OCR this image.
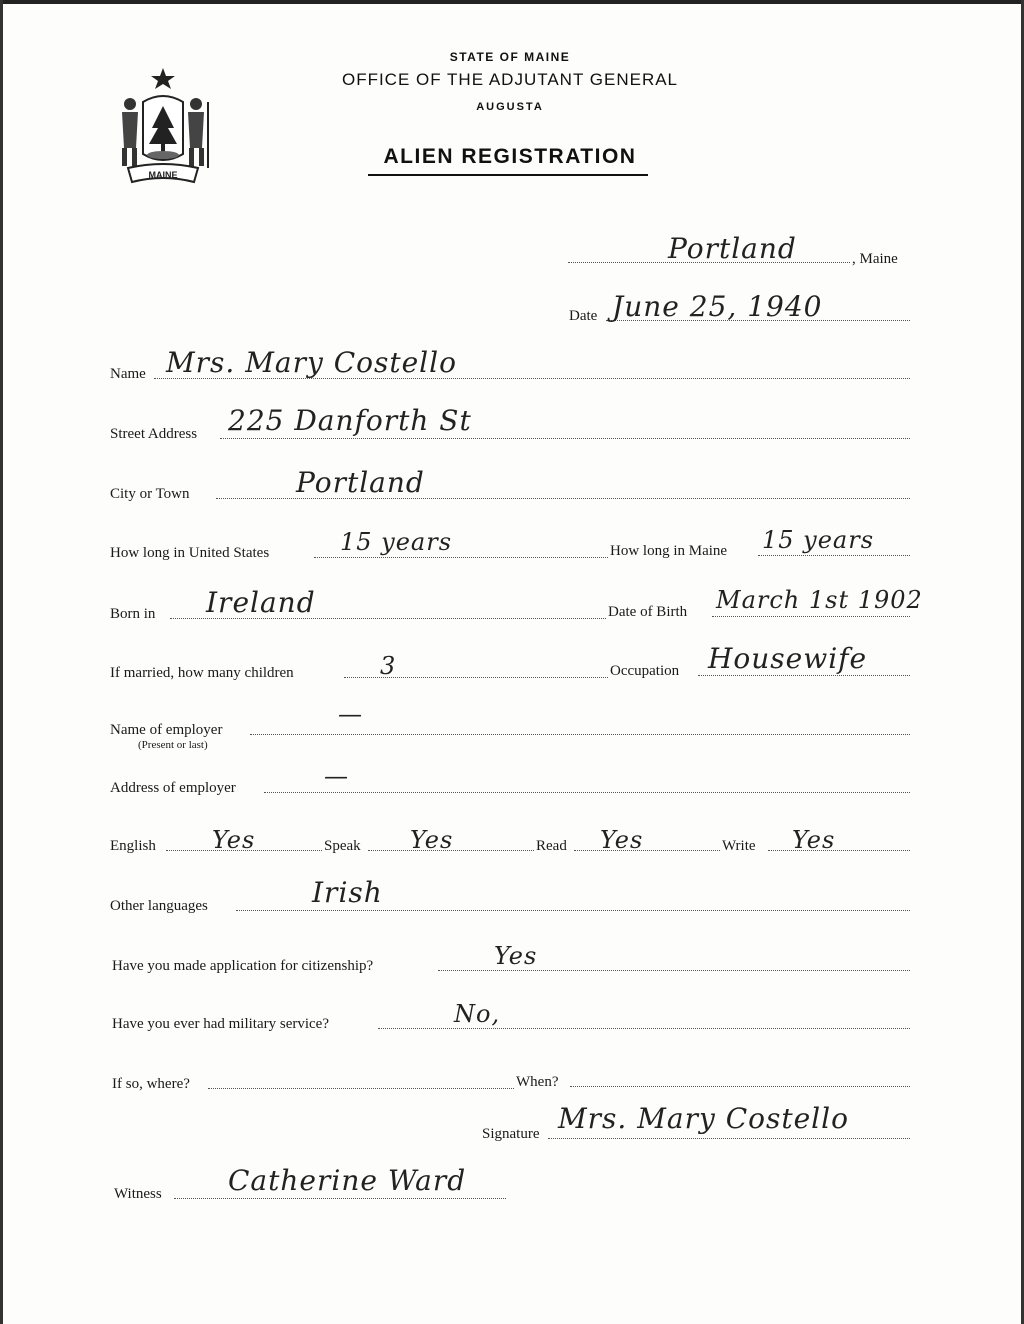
MAINE
STATE OF MAINE
OFFICE OF THE ADJUTANT GENERAL
AUGUSTA
ALIEN REGISTRATION
Portland	, Maine
Date June 25, 1940
Name Mrs. Mary Costello
Street Address 225 Danforth St
City or Town	Portland
How long in United States	15 years	How long in Maine 15 years
Born in Ireland	Date of Birth March 1st 1902
If married, how many children	3	Occupation Housewife
Name of employer
(Present or last)
—
Address of employer	—
English Yes	Speak Yes	Read Yes	Write Yes
Other languages	Irish
Have you made application for citizenship?	Yes
Have you ever had military service?	No,
If so, where?	When?
Signature Mrs. Mary Costello
Witness Catherine Ward
